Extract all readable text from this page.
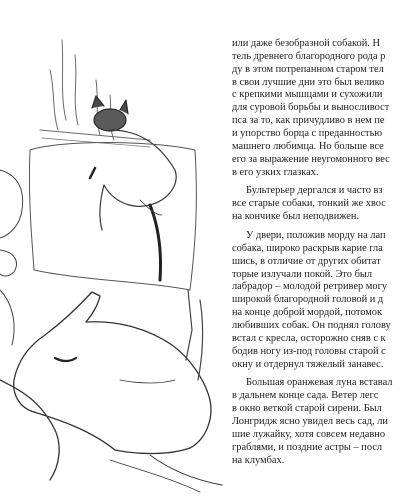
или даже безобразной собакой. Н
тель древнего благородного рода р
ду в этом потрепанном старом тел
в свои лучшие дни это был велико
с крепкими мышцами и сухожили
для суровой борьбы и выносливост
пса за то, как причудливо в нем пе
и упорство борца с преданностью
машнего любимца. Но больше все
его за выражение неугомонного вес
в его узких глазках.
Бультерьер дергался и часто вз
все старые собаки, тонкий же хвос
на кончике был неподвижен.
У двери, положив морду на лап
собака, широко раскрыв карие гла
шись, в отличие от других обитат
торые излучали покой. Это был
лабрадор – молодой ретривер могу
широкой благородной головой и д
на конце доброй мордой, потомок
любивших собак. Он поднял голову
встал с кресла, осторожно сняв с к
бодив ногу из-под головы старой с
окну и отдернул тяжелый занавес.
Большая оранжевая луна вставал
в дальнем конце сада. Ветер легс
в окно веткой старой сирени. Был
Лонгридж ясно увидел весь сад, ли
шие лужайку, хотя совсем недавно
граблями, и поздние астры – посл
на клумбах.
